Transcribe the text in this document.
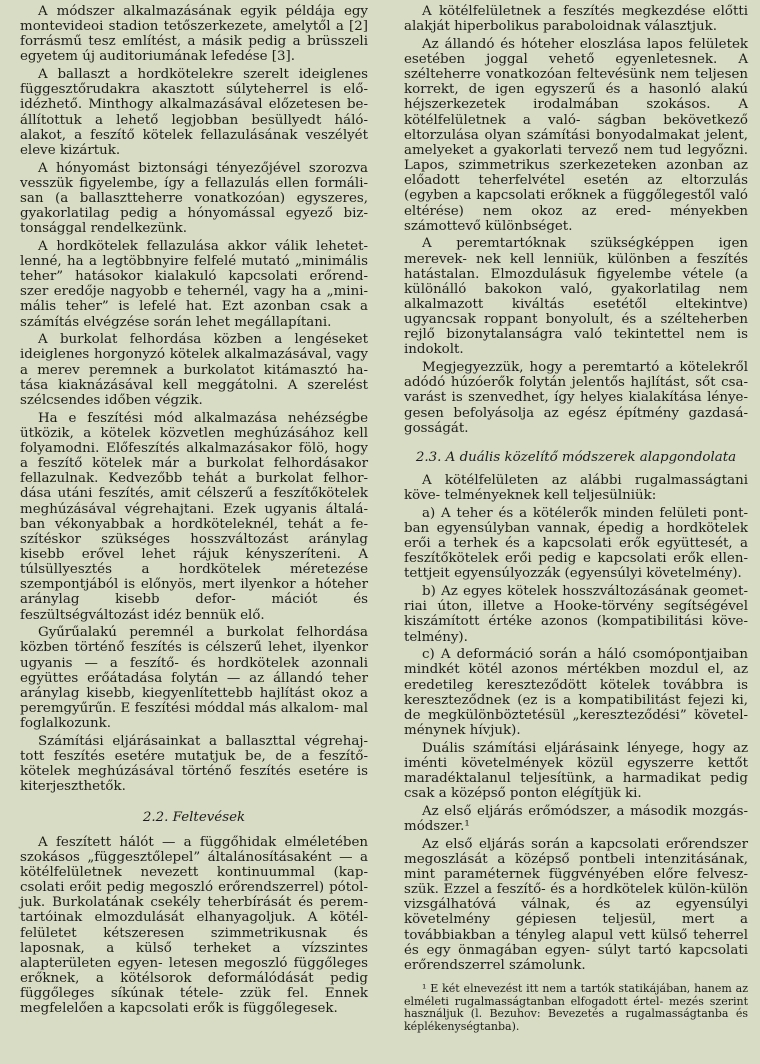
A módszer alkalmazásának egyik példája egy montevideoi stadion tetőszerkezete, amelytől a [2] forrásmű tesz említést, a másik pedig a brüsszeli egyetem új auditoriumának lefedése [3].

A ballaszt a hordkötelekre szerelt ideiglenes függesztőrudakra akasztott súlyteherrel is elő- idézhető. Minthogy alkalmazásával előzetesen be- állítottuk a lehető legjobban besüllyedt háló- alakot, a feszítő kötelek fellazulásának veszélyét eleve kizártuk.

A hónyomást biztonsági tényezőjével szorozva vesszük figyelembe, így a fellazulás ellen formáli- san (a ballasztteherre vonatkozóan) egyszeres, gyakorlatilag pedig a hónyomással egyező biz- tonsággal rendelkezünk.

A hordkötelek fellazulása akkor válik lehetet- lenné, ha a legtöbbnyire felfelé mutató „minimális teher” hatásokor kialakuló kapcsolati erőrend- szer eredője nagyobb e tehernél, vagy ha a „mini- mális teher” is lefelé hat. Ezt azonban csak a számítás elvégzése során lehet megállapítani.

A burkolat felhordása közben a lengéseket ideiglenes horgonyzó kötelek alkalmazásával, vagy a merev peremnek a burkolatot kitámasztó ha- tása kiaknázásával kell meggátolni. A szerelést szélcsendes időben végzik.

Ha e feszítési mód alkalmazása nehézségbe ütközik, a kötelek közvetlen meghúzásához kell folyamodni. Előfeszítés alkalmazásakor fölö, hogy a feszítő kötelek már a burkolat felhordásakor fellazulnak. Kedvezőbb tehát a burkolat felhor- dása utáni feszítés, amit célszerű a feszítőkötelek meghúzásával végrehajtani. Ezek ugyanis általá- ban vékonyabbak a hordköteleknél, tehát a fe- szítéskor szükséges hosszváltozást aránylag kisebb erővel lehet rájuk kényszeríteni. A túlsüllyesztés a hordkötelek méretezése szempontjából is előnyös, mert ilyenkor a hóteher aránylag kisebb defor- mációt és feszültségváltozást idéz bennük elő.

Gyűrűalakú peremnél a burkolat felhordása közben történő feszítés is célszerű lehet, ilyenkor ugyanis — a feszítő- és hordkötelek azonnali együttes erőátadása folytán — az állandó teher aránylag kisebb, kiegyenlítettebb hajlítást okoz a peremgyűrűn. E feszítési móddal más alkalom- mal foglalkozunk.

Számítási eljárásainkat a ballaszttal végrehaj- tott feszítés esetére mutatjuk be, de a feszítő- kötelek meghúzásával történő feszítés esetére is kiterjeszthetők.

2.2. Feltevések

A feszített hálót — a függőhidak elméletében szokásos „függesztőlepel” általánosításaként — a kötélfelületnek nevezett kontinuummal (kap- csolati erőit pedig megoszló erőrendszerrel) pótol- juk. Burkolatának csekély teherbírását és perem- tartóinak elmozdulását elhanyagoljuk. A kötél- felületet kétszeresen szimmetrikusnak és laposnak, a külső terheket a vízszintes alapterületen egyen- letesen megoszló függőleges erőknek, a kötélsorok deformálódását pedig függőleges síkúnak tétele- zzük fel. Ennek megfelelően a kapcsolati erők is függőlegesek.

A kötélfelületnek a feszítés megkezdése előtti alakját hiperbolikus paraboloidnak választjuk.

Az állandó és hóteher eloszlása lapos felületek esetében joggal vehető egyenletesnek. A szélteherre vonatkozóan feltevésünk nem teljesen korrekt, de igen egyszerű és a hasonló alakú héjszerkezetek irodalmában szokásos. A kötélfelületnek a való- ságban bekövetkező eltorzulása olyan számítási bonyodalmakat jelent, amelyeket a gyakorlati tervező nem tud legyőzni. Lapos, szimmetrikus szerkezeteken azonban az előadott teherfelvétel esetén az eltorzulás (egyben a kapcsolati erőknek a függőlegestől való eltérése) nem okoz az ered- ményekben számottevő különbséget.

A peremtartóknak szükségképpen igen merevek- nek kell lenniük, különben a feszítés hatástalan. Elmozdulásuk figyelembe vétele (a különálló bakokon való, gyakorlatilag nem alkalmazott kiváltás esetétől eltekintve) ugyancsak roppant bonyolult, és a szélteherben rejlő bizonytalanságra való tekintettel nem is indokolt.

Megjegyezzük, hogy a peremtartó a kötelekről adódó húzóerők folytán jelentős hajlítást, sőt csa- varást is szenvedhet, így helyes kialakítása lénye- gesen befolyásolja az egész építmény gazdasá- gosságát.

2.3. A duális közelítő módszerek alapgondolata

A kötélfelületen az alábbi rugalmasságtani köve- telményeknek kell teljesülniük:

a) A teher és a kötélerők minden felületi pont- ban egyensúlyban vannak, épedig a hordkötelek erői a terhek és a kapcsolati erők együttesét, a feszítőkötelek erői pedig e kapcsolati erők ellen- tettjeit egyensúlyozzák (egyensúlyi követelmény).

b) Az egyes kötelek hosszváltozásának geomet- riai úton, illetve a Hooke-törvény segítségével kiszámított értéke azonos (kompatibilitási köve- telmény).

c) A deformáció során a háló csomópontjaiban mindkét kötél azonos mértékben mozdul el, az eredetileg kereszteződött kötelek továbbra is kereszteződnek (ez is a kompatibilitást fejezi ki, de megkülönböztetésül „kereszteződési” követel- ménynek hívjuk).

Duális számítási eljárásaink lényege, hogy az iménti követelmények közül egyszerre kettőt maradéktalanul teljesítünk, a harmadikat pedig csak a középső ponton elégítjük ki.

Az első eljárás erőmódszer, a második mozgás- módszer.¹

Az első eljárás során a kapcsolati erőrendszer megoszlását a középső pontbeli intenzitásának, mint paraméternek függvényében előre felvesz- szük. Ezzel a feszítő- és a hordkötelek külön-külön vizsgálhatóvá válnak, és az egyensúlyi követelmény gépiesen teljesül, mert a továbbiakban a tényleg alapul vett külső teherrel és egy önmagában egyen- súlyt tartó kapcsolati erőrendszerrel számolunk.

¹ E két elnevezést itt nem a tartók statikájában, hanem az elméleti rugalmasságtanban elfogadott értel- mezés szerint használjuk (l. Bezuhov: Bevezetés a rugalmasságtanba és képlékenységtanba).
